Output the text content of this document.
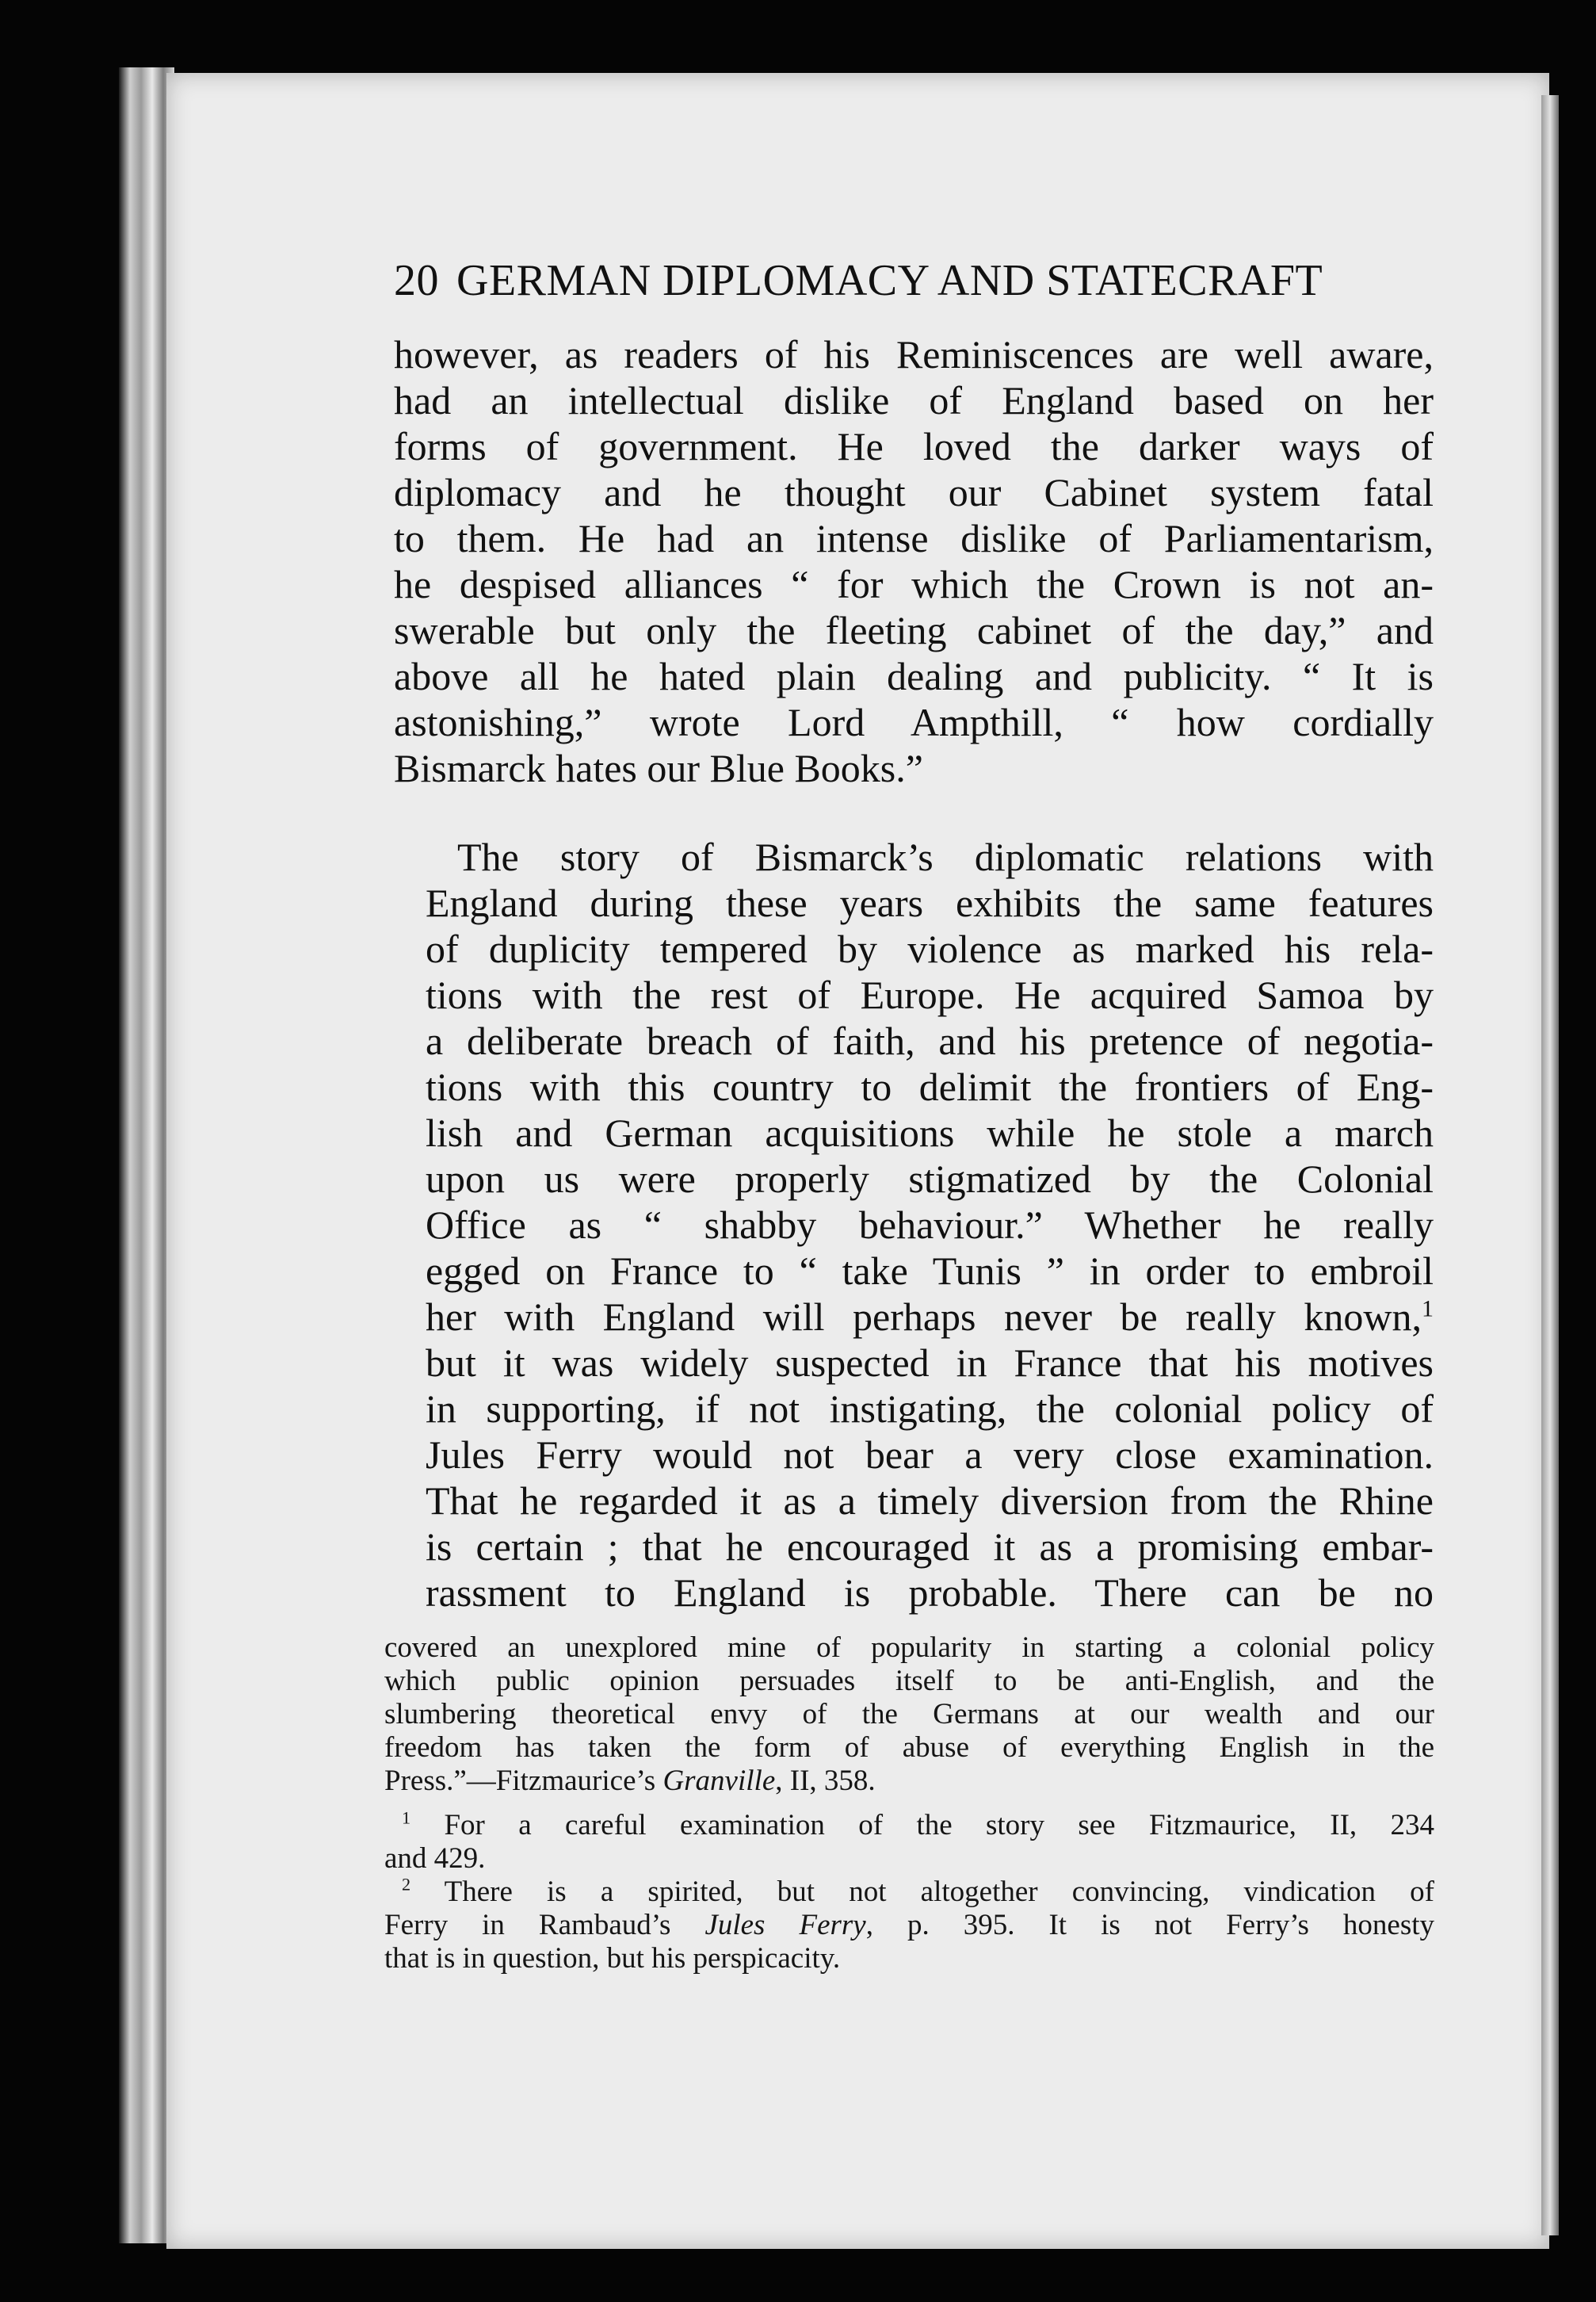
20 GERMAN DIPLOMACY AND STATECRAFT
however, as readers of his Reminiscences are well aware,
had an intellectual dislike of England based on her
forms of government. He loved the darker ways of
diplomacy and he thought our Cabinet system fatal
to them. He had an intense dislike of Parliamentarism,
he despised alliances “ for which the Crown is not an-
swerable but only the fleeting cabinet of the day,” and
above all he hated plain dealing and publicity. “ It is
astonishing,” wrote Lord Ampthill, “ how cordially
Bismarck hates our Blue Books.”
The story of Bismarck’s diplomatic relations with
England during these years exhibits the same features
of duplicity tempered by violence as marked his rela-
tions with the rest of Europe. He acquired Samoa by
a deliberate breach of faith, and his pretence of negotia-
tions with this country to delimit the frontiers of Eng-
lish and German acquisitions while he stole a march
upon us were properly stigmatized by the Colonial
Office as “ shabby behaviour.” Whether he really
egged on France to “ take Tunis ” in order to embroil
her with England will perhaps never be really known,$^1$
but it was widely suspected in France that his motives
in supporting, if not instigating, the colonial policy of
Jules Ferry would not bear a very close examination.
That he regarded it as a timely diversion from the Rhine
is certain ; that he encouraged it as a promising embar-
rassment to England is probable. There can be no
covered an unexplored mine of popularity in starting a colonial policy
which public opinion persuades itself to be anti-English, and the
slumbering theoretical envy of the Germans at our wealth and our
freedom has taken the form of abuse of everything English in the
Press.”—Fitzmaurice’s Granville, II, 358.
$^1$ For a careful examination of the story see Fitzmaurice, II, 234
and 429.
$^2$ There is a spirited, but not altogether convincing, vindication of
Ferry in Rambaud’s Jules Ferry, p. 395. It is not Ferry’s honesty
that is in question, but his perspicacity.
